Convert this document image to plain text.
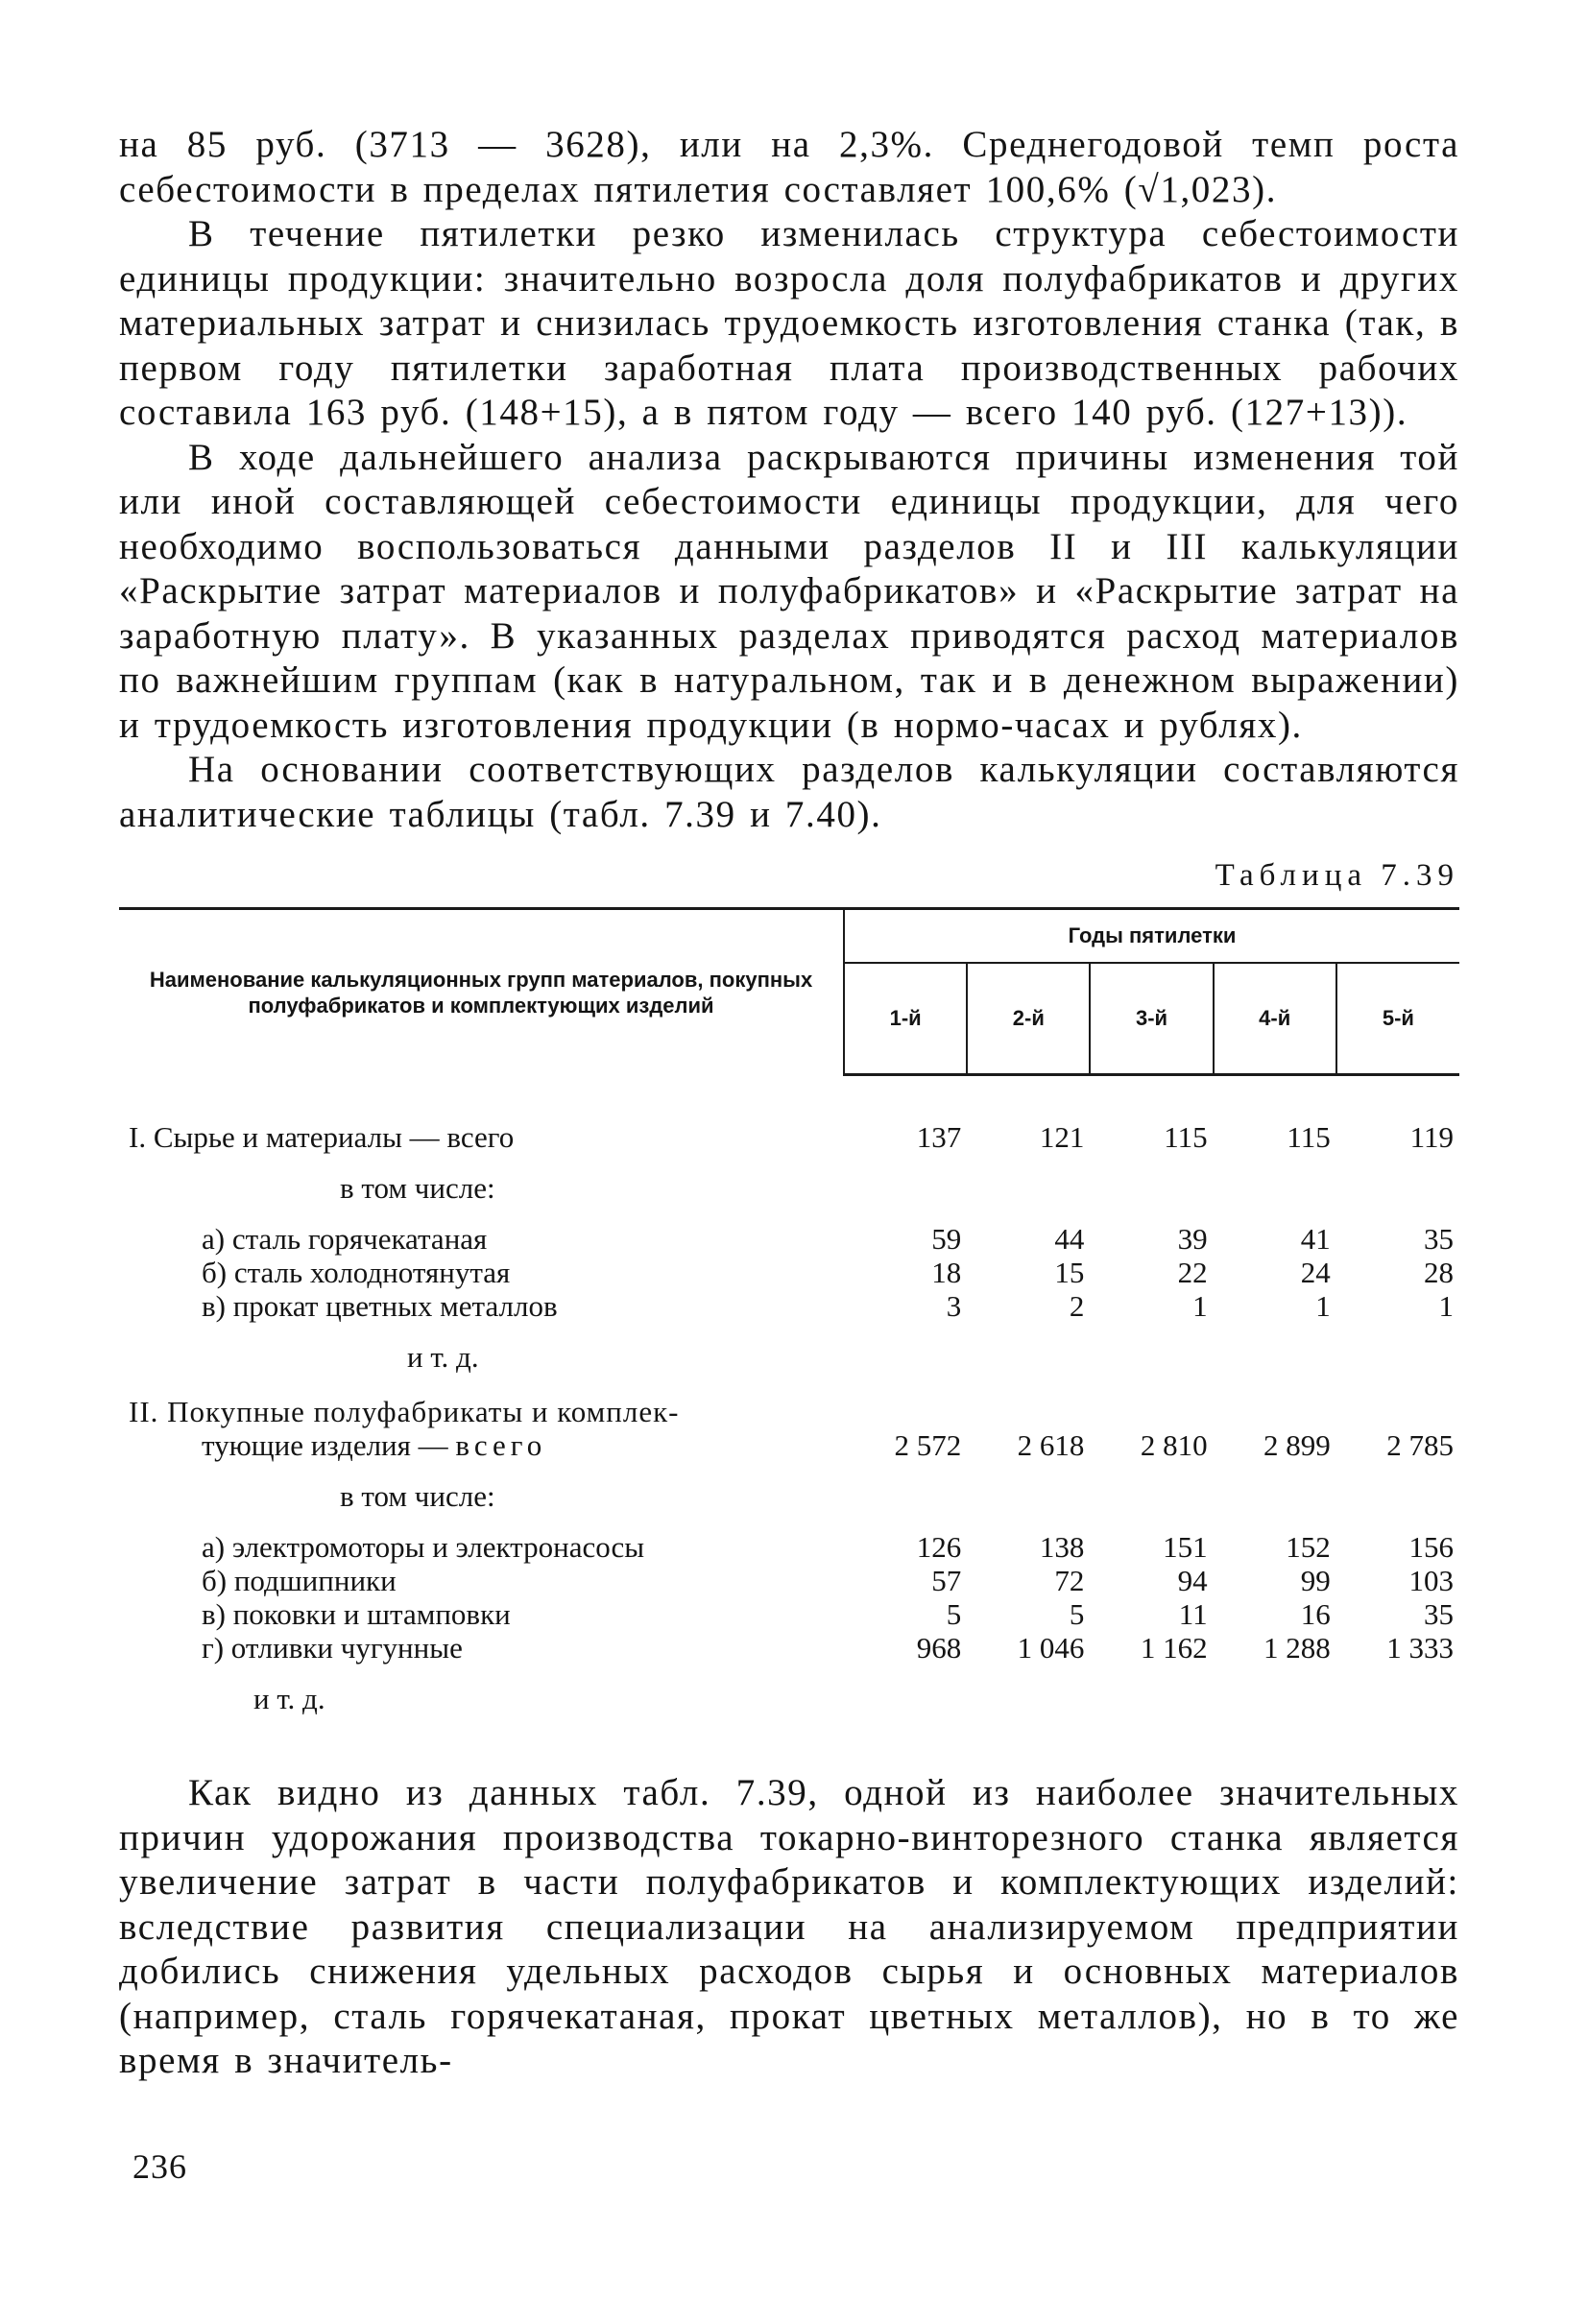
на 85 руб. (3713 — 3628), или на 2,3%. Среднегодовой темп роста себестоимости в пределах пятилетия составляет 100,6% (√1,023).

В течение пятилетки резко изменилась структура себестоимости единицы продукции: значительно возросла доля полуфабрикатов и других материальных затрат и снизилась трудоемкость изготовления станка (так, в первом году пятилетки заработная плата производственных рабочих составила 163 руб. (148+15), а в пятом году — всего 140 руб. (127+13)).

В ходе дальнейшего анализа раскрываются причины изменения той или иной составляющей себестоимости единицы продукции, для чего необходимо воспользоваться данными разделов II и III калькуляции «Раскрытие затрат материалов и полуфабрикатов» и «Раскрытие затрат на заработную плату». В указанных разделах приводятся расход материалов по важнейшим группам (как в натуральном, так и в денежном выражении) и трудоемкость изготовления продукции (в нормо-часах и рублях).

На основании соответствующих разделов калькуляции составляются аналитические таблицы (табл. 7.39 и 7.40).

Таблица 7.39
Наименование калькуляционных групп материалов, покупных полуфабрикатов и комплектующих изделий	Годы пятилетки				
	1-й	2-й	3-й	4-й	5-й

I. Сырье и материалы — всего	137	121	115	115	119
в том числе:					
а) сталь горячекатаная	59	44	39	41	35
б) сталь холоднотянутая	18	15	22	24	28
в) прокат цветных металлов	3	2	1	1	1
и т. д.					
II. Покупные полуфабрикаты и комплек-					
тующие изделия — всего	2 572	2 618	2 810	2 899	2 785
в том числе:					
а) электромоторы и электронасосы	126	138	151	152	156
б) подшипники	57	72	94	99	103
в) поковки и штамповки	5	5	11	16	35
г) отливки чугунные	968	1 046	1 162	1 288	1 333
и т. д.					

Как видно из данных табл. 7.39, одной из наиболее значительных причин удорожания производства токарно-винторезного станка является увеличение затрат в части полуфабрикатов и комплектующих изделий: вследствие развития специализации на анализируемом предприятии добились снижения удельных расходов сырья и основных материалов (например, сталь горячекатаная, прокат цветных металлов), но в то же время в значитель-

236
